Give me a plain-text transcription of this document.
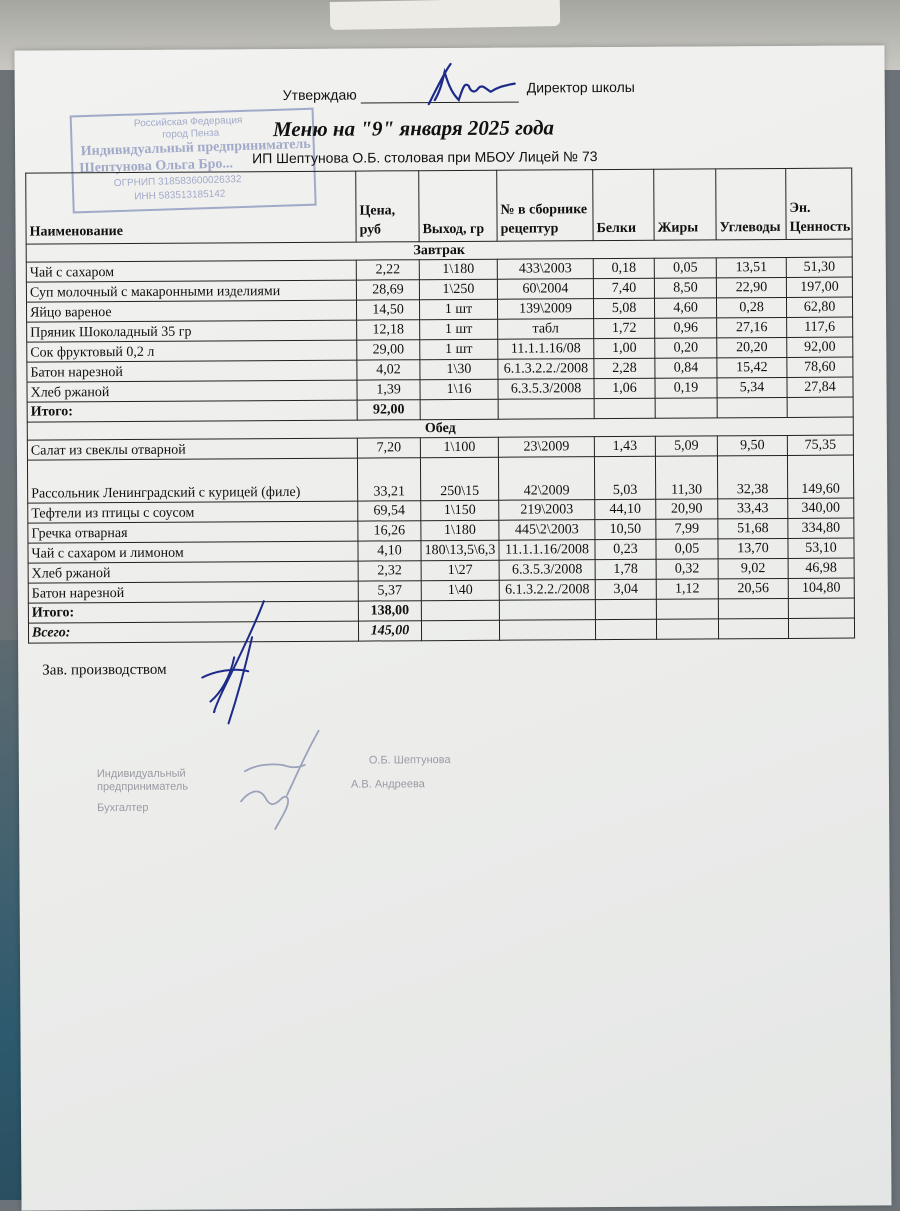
Российская Федерация
город Пенза
Индивидуальный предприниматель
Шептунова Ольга Бро...
ОГРНИП 318583600026332
ИНН 583513185142
Утверждаю	Директор школы
Меню на "9" января 2025 года
ИП Шептунова О.Б. столовая при МБОУ Лицей № 73
Наименование	Цена, руб	Выход, гр	№ в сборнике рецептур	Белки	Жиры	Углеводы	Эн. Ценность
Завтрак							
Чай с сахаром	2,22	1\180	433\2003	0,18	0,05	13,51	51,30
Суп молочный с макаронными изделиями	28,69	1\250	60\2004	7,40	8,50	22,90	197,00
Яйцо вареное	14,50	1 шт	139\2009	5,08	4,60	0,28	62,80
Пряник Шоколадный 35 гр	12,18	1 шт	табл	1,72	0,96	27,16	117,6
Сок фруктовый 0,2 л	29,00	1 шт	11.1.1.16/08	1,00	0,20	20,20	92,00
Батон нарезной	4,02	1\30	6.1.3.2.2./2008	2,28	0,84	15,42	78,60
Хлеб ржаной	1,39	1\16	6.3.5.3/2008	1,06	0,19	5,34	27,84
Итого:	92,00						
Обед							
Салат из свеклы отварной	7,20	1\100	23\2009	1,43	5,09	9,50	75,35
Рассольник Ленинградский с курицей (филе)	33,21	250\15	42\2009	5,03	11,30	32,38	149,60
Тефтели из птицы с соусом	69,54	1\150	219\2003	44,10	20,90	33,43	340,00
Гречка отварная	16,26	1\180	445\2\2003	10,50	7,99	51,68	334,80
Чай с сахаром и лимоном	4,10	180\13,5\6,3	11.1.1.16/2008	0,23	0,05	13,70	53,10
Хлеб ржаной	2,32	1\27	6.3.5.3/2008	1,78	0,32	9,02	46,98
Батон нарезной	5,37	1\40	6.1.3.2.2./2008	3,04	1,12	20,56	104,80
Итого:	138,00						
Всего:	145,00						
Зав. производством
Индивидуальный
предприниматель
Бухгалтер
О.Б. Шептунова
А.В. Андреева
